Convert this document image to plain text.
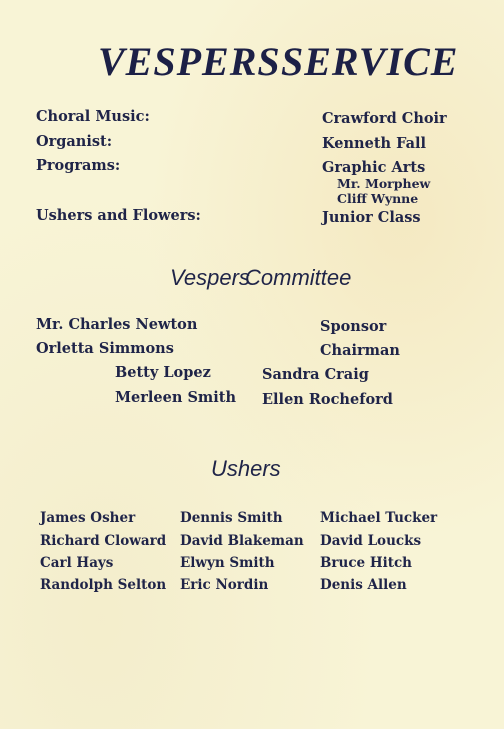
VESPERS SERVICE
Choral Music:
Organist:
Programs:
Ushers and Flowers:
Crawford Choir
Kenneth Fall
Graphic Arts
Mr. Morphew
Cliff Wynne
Junior Class
Vespers
Committee
Mr. Charles Newton	Sponsor
Orletta Simmons	Chairman
Betty Lopez
Merleen Smith
Sandra Craig
Ellen Rocheford
Ushers
James Osher
Richard Cloward
Carl Hays
Randolph Selton
Dennis Smith
David Blakeman
Elwyn Smith
Eric Nordin
Michael Tucker
David Loucks
Bruce Hitch
Denis Allen
